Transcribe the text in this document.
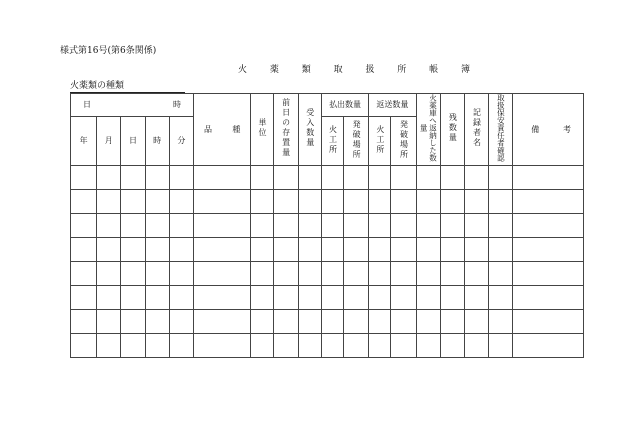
様式第16号(第6条関係)
火 薬 類 取 扱 所 帳 簿
火薬類の種類
日 時					品 種	単位	前日の存置量	受入数量	払出数量		返送数量		火薬庫へ返納した数量	残数量	記録者名	取扱保安責任者確認	備 考

年	月	日	時	分					火工所	発破場所	火工所	発破場所					
